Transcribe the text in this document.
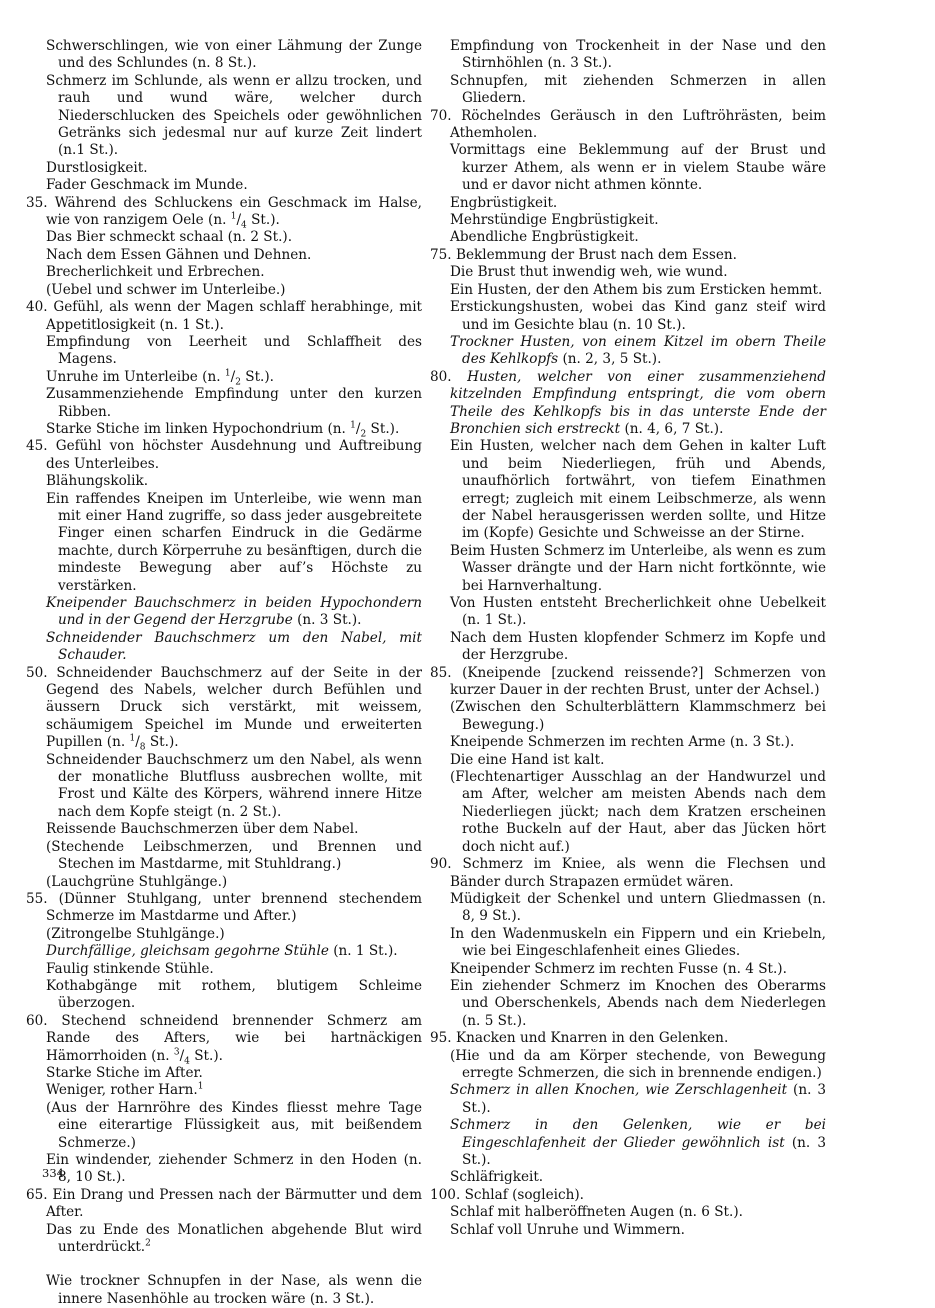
Schwerschlingen, wie von einer Lähmung der Zunge und des Schlundes (n. 8 St.).
Schmerz im Schlunde, als wenn er allzu trocken, und rauh und wund wäre, welcher durch Niederschlucken des Speichels oder gewöhnlichen Getränks sich jedesmal nur auf kurze Zeit lindert (n.1 St.).
Durstlosigkeit.
Fader Geschmack im Munde.
35. Während des Schluckens ein Geschmack im Halse, wie von ranzigem Oele (n. $^1/_4$ St.).
Das Bier schmeckt schaal (n. 2 St.).
Nach dem Essen Gähnen und Dehnen.
Brecherlichkeit und Erbrechen.
(Uebel und schwer im Unterleibe.)
40. Gefühl, als wenn der Magen schlaff herabhinge, mit Appetitlosigkeit (n. 1 St.).
Empfindung von Leerheit und Schlaffheit des Magens.
Unruhe im Unterleibe (n. $^1/_2$ St.).
Zusammenziehende Empfindung unter den kurzen Ribben.
Starke Stiche im linken Hypochondrium (n. $^1/_2$ St.).
45. Gefühl von höchster Ausdehnung und Auftreibung des Unterleibes.
Blähungskolik.
Ein raffendes Kneipen im Unterleibe, wie wenn man mit einer Hand zugriffe, so dass jeder ausgebreitete Finger einen scharfen Eindruck in die Gedärme machte, durch Körperruhe zu besänftigen, durch die mindeste Bewegung aber auf’s Höchste zu verstärken.
Kneipender Bauchschmerz in beiden Hypochondern und in der Gegend der Herzgrube (n. 3 St.).
Schneidender Bauchschmerz um den Nabel, mit Schauder.
50. Schneidender Bauchschmerz auf der Seite in der Gegend des Nabels, welcher durch Befühlen und äussern Druck sich verstärkt, mit weissem, schäumigem Speichel im Munde und erweiterten Pupillen (n. $^1/_8$ St.).
Schneidender Bauchschmerz um den Nabel, als wenn der monatliche Blutfluss ausbrechen wollte, mit Frost und Kälte des Körpers, während innere Hitze nach dem Kopfe steigt (n. 2 St.).
Reissende Bauchschmerzen über dem Nabel.
(Stechende Leibschmerzen, und Brennen und Stechen im Mastdarme, mit Stuhldrang.)
(Lauchgrüne Stuhlgänge.)
55. (Dünner Stuhlgang, unter brennend stechendem Schmerze im Mastdarme und After.)
(Zitrongelbe Stuhlgänge.)
Durchfällige, gleichsam gegohrne Stühle (n. 1 St.).
Faulig stinkende Stühle.
Kothabgänge mit rothem, blutigem Schleime überzogen.
60. Stechend schneidend brennender Schmerz am Rande des Afters, wie bei hartnäckigen Hämorrhoiden (n. $^3/_4$ St.).
Starke Stiche im After.
Weniger, rother Harn.$^1$
(Aus der Harnröhre des Kindes fliesst mehre Tage eine eiterartige Flüssigkeit aus, mit beißendem Schmerze.)
Ein windender, ziehender Schmerz in den Hoden (n. 8, 10 St.).
65. Ein Drang und Pressen nach der Bärmutter und dem After.
Das zu Ende des Monatlichen abgehende Blut wird unterdrückt.$^2$
Wie trockner Schnupfen in der Nase, als wenn die innere Nasenhöhle au trocken wäre (n. 3 St.).
Empfindung von Trockenheit in der Nase und den Stirnhöhlen (n. 3 St.).
Schnupfen, mit ziehenden Schmerzen in allen Gliedern.
70. Röchelndes Geräusch in den Luftröhrästen, beim Athemholen.
Vormittags eine Beklemmung auf der Brust und kurzer Athem, als wenn er in vielem Staube wäre und er davor nicht athmen könnte.
Engbrüstigkeit.
Mehrstündige Engbrüstigkeit.
Abendliche Engbrüstigkeit.
75. Beklemmung der Brust nach dem Essen.
Die Brust thut inwendig weh, wie wund.
Ein Husten, der den Athem bis zum Ersticken hemmt.
Erstickungshusten, wobei das Kind ganz steif wird und im Gesichte blau (n. 10 St.).
Trockner Husten, von einem Kitzel im obern Theile des Kehlkopfs (n. 2, 3, 5 St.).
80. Husten, welcher von einer zusammenziehend kitzelnden Empfindung entspringt, die vom obern Theile des Kehlkopfs bis in das unterste Ende der Bronchien sich erstreckt (n. 4, 6, 7 St.).
Ein Husten, welcher nach dem Gehen in kalter Luft und beim Niederliegen, früh und Abends, unaufhörlich fortwährt, von tiefem Einathmen erregt; zugleich mit einem Leibschmerze, als wenn der Nabel herausgerissen werden sollte, und Hitze im (Kopfe) Gesichte und Schweisse an der Stirne.
Beim Husten Schmerz im Unterleibe, als wenn es zum Wasser drängte und der Harn nicht fortkönnte, wie bei Harnverhaltung.
Von Husten entsteht Brecherlichkeit ohne Uebelkeit (n. 1 St.).
Nach dem Husten klopfender Schmerz im Kopfe und der Herzgrube.
85. (Kneipende [zuckend reissende?] Schmerzen von kurzer Dauer in der rechten Brust, unter der Achsel.)
(Zwischen den Schulterblättern Klammschmerz bei Bewegung.)
Kneipende Schmerzen im rechten Arme (n. 3 St.).
Die eine Hand ist kalt.
(Flechtenartiger Ausschlag an der Handwurzel und am After, welcher am meisten Abends nach dem Niederliegen jückt; nach dem Kratzen erscheinen rothe Buckeln auf der Haut, aber das Jücken hört doch nicht auf.)
90. Schmerz im Kniee, als wenn die Flechsen und Bänder durch Strapazen ermüdet wären.
Müdigkeit der Schenkel und untern Gliedmassen (n. 8, 9 St.).
In den Wadenmuskeln ein Fippern und ein Kriebeln, wie bei Eingeschlafenheit eines Gliedes.
Kneipender Schmerz im rechten Fusse (n. 4 St.).
Ein ziehender Schmerz im Knochen des Oberarms und Oberschenkels, Abends nach dem Niederlegen (n. 5 St.).
95. Knacken und Knarren in den Gelenken.
(Hie und da am Körper stechende, von Bewegung erregte Schmerzen, die sich in brennende endigen.)
Schmerz in allen Knochen, wie Zerschlagenheit (n. 3 St.).
Schmerz in den Gelenken, wie er bei Eingeschlafenheit der Glieder gewöhnlich ist (n. 3 St.).
Schläfrigkeit.
100. Schlaf (sogleich).
Schlaf mit halberöffneten Augen (n. 6 St.).
Schlaf voll Unruhe und Wimmern.
334
